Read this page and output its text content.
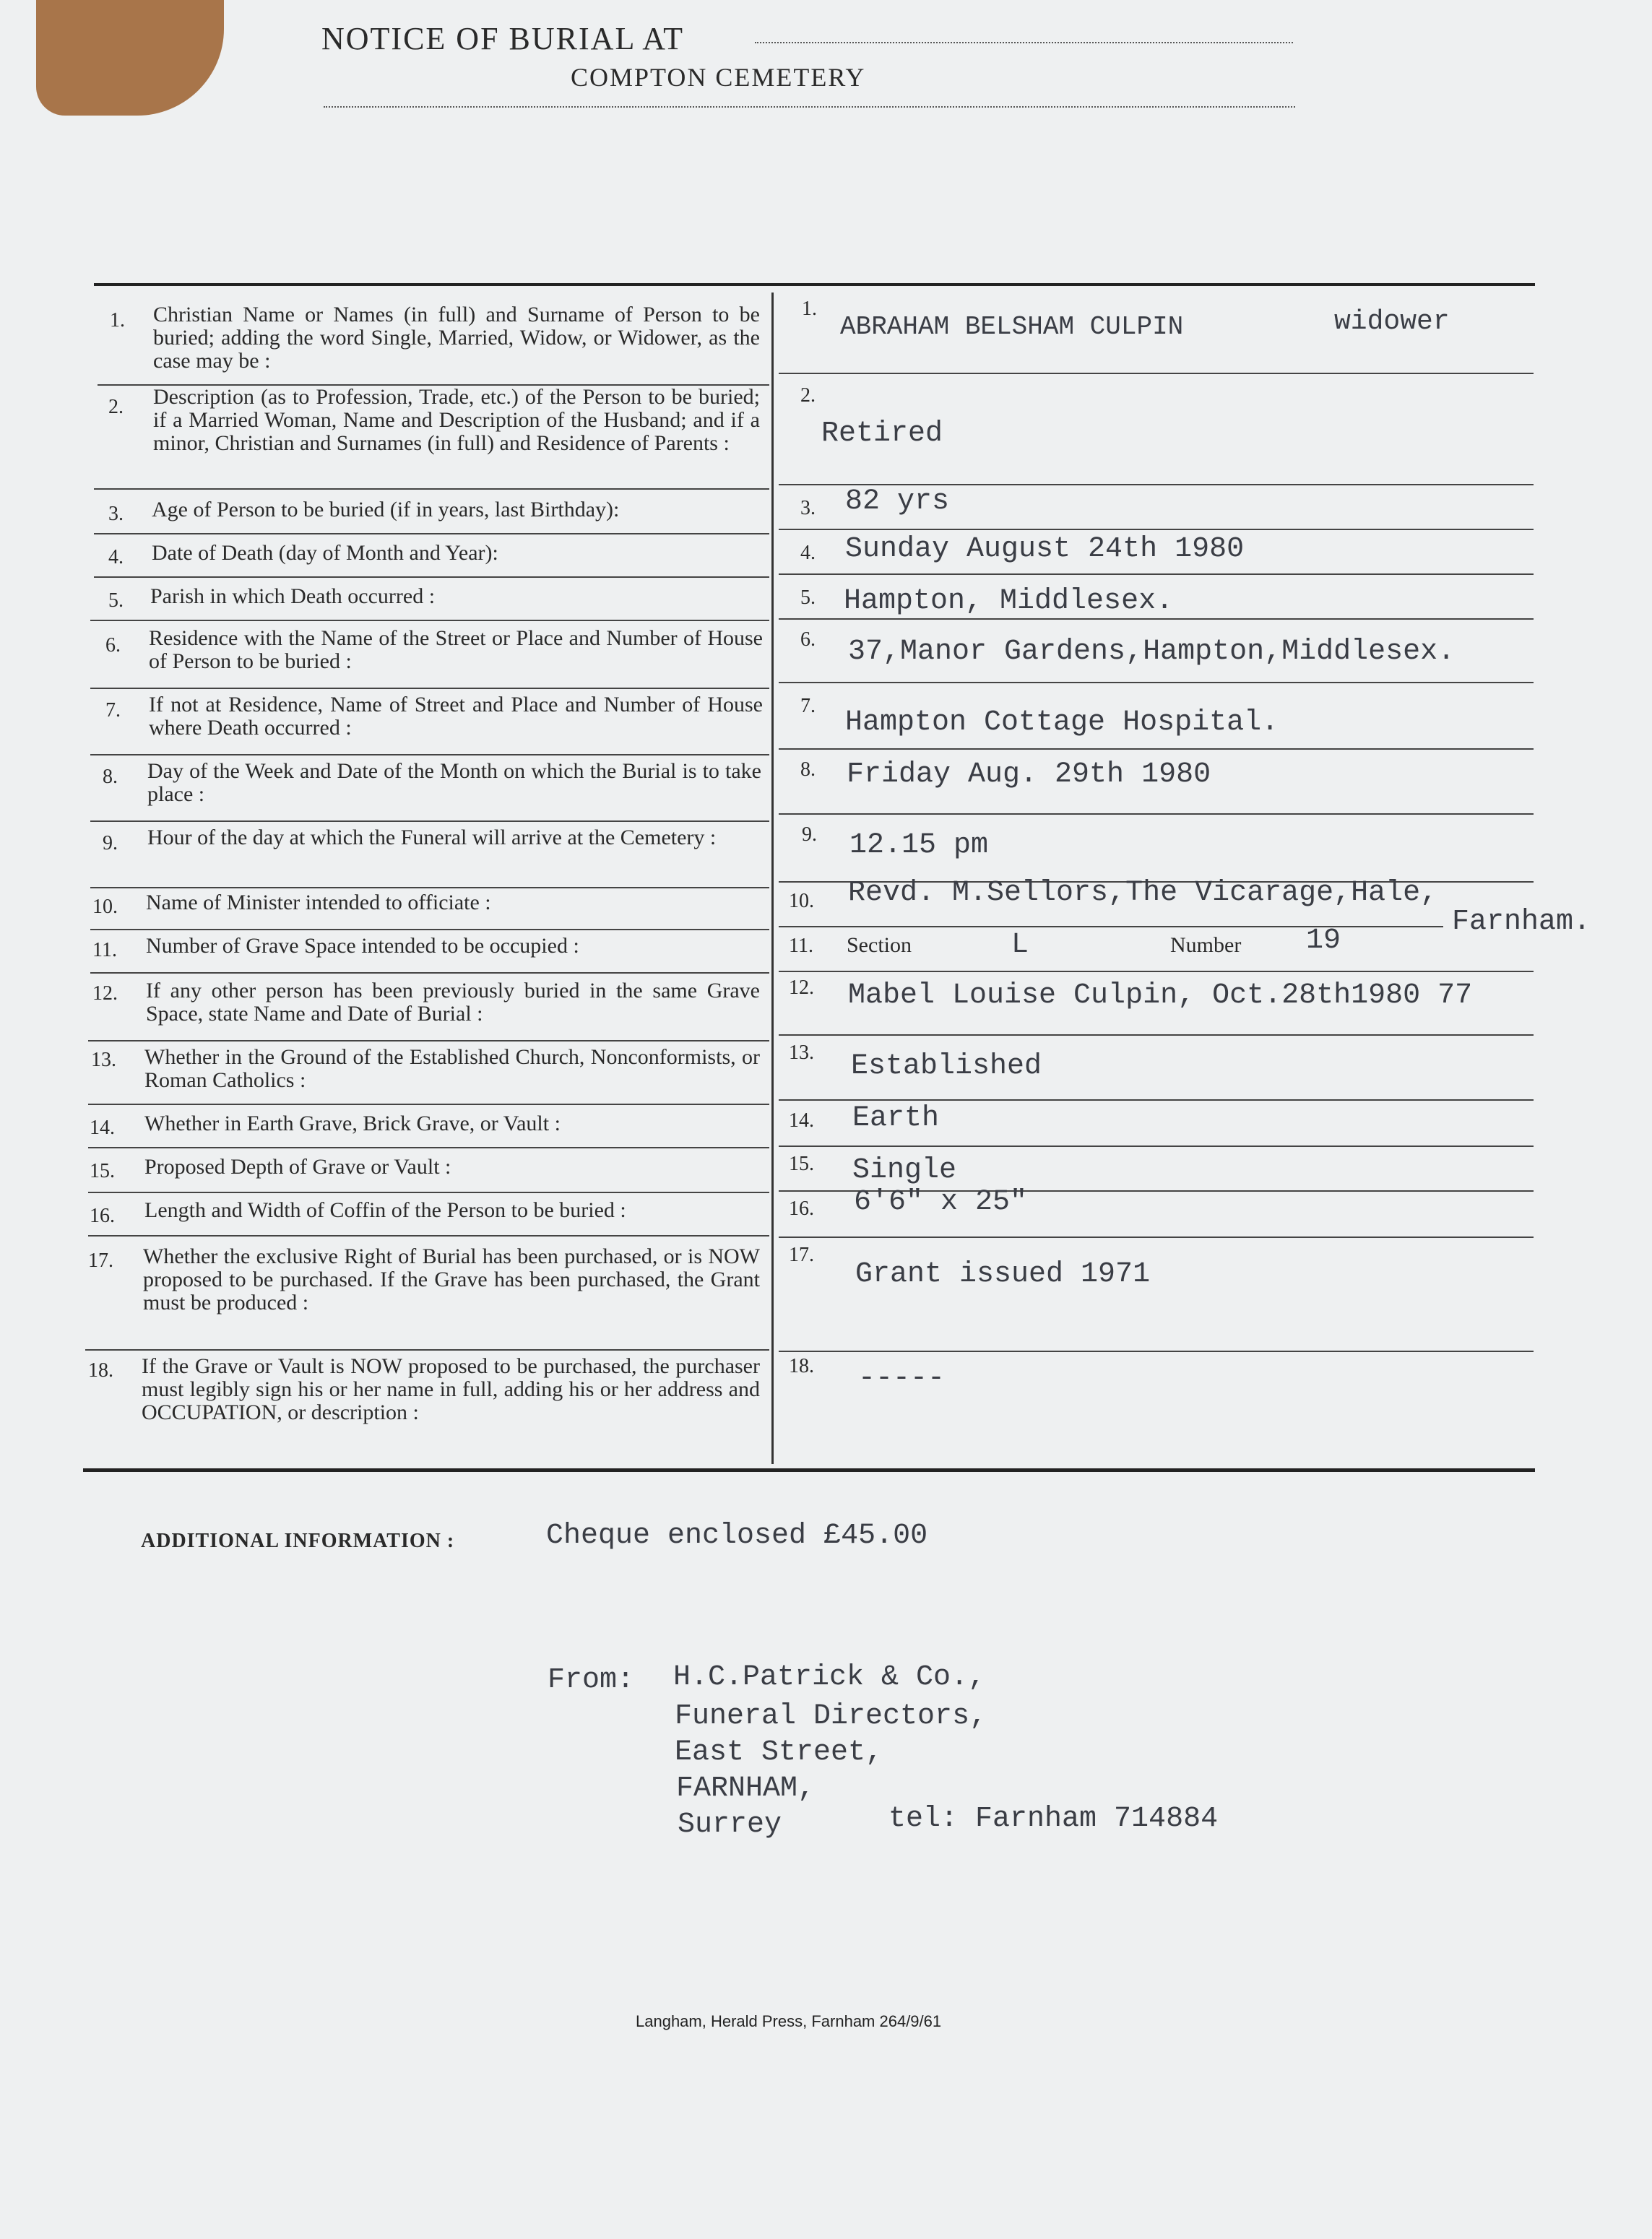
NOTICE OF BURIAL AT
COMPTON CEMETERY
1. Christian Name or Names (in full) and Surname of Person to be buried; adding the word Single, Married, Widow, or Widower, as the case may be :
1.
ABRAHAM BELSHAM CULPIN	widower
2. Description (as to Profession, Trade, etc.) of the Person to be buried; if a Married Woman, Name and Description of the Husband; and if a minor, Christian and Surnames (in full) and Residence of Parents :
2.
Retired
3. Age of Person to be buried (if in years, last Birthday):	3. 82 yrs
4. Date of Death (day of Month and Year):	4. Sunday August 24th 1980
5. Parish in which Death occurred :	5. Hampton, Middlesex.
6. Residence with the Name of the Street or Place and Number of House of Person to be buried :
6. 37,Manor Gardens,Hampton,Middlesex.
7. If not at Residence, Name of Street and Place and Number of House where Death occurred :
7.
Hampton Cottage Hospital.
8. Day of the Week and Date of the Month on which the Burial is to take place :
8. Friday Aug. 29th 1980
9. Hour of the day at which the Funeral will arrive at the Cemetery :	9. 12.15 pm
10. Name of Minister intended to officiate :	10. Revd. M.Sellors,The Vicarage,Hale,
Farnham.
11. Number of Grave Space intended to be occupied :	11. Section	L	Number 19
12. If any other person has been previously buried in the same Grave Space, state Name and Date of Burial :
12. Mabel Louise Culpin, Oct.28th1980 77
13. Whether in the Ground of the Established Church, Nonconformists, or Roman Catholics :
13. Established
14. Whether in Earth Grave, Brick Grave, or Vault :	14. Earth
15. Proposed Depth of Grave or Vault :	15. Single
16. Length and Width of Coffin of the Person to be buried :	16. 6'6" x 25"
17. Whether the exclusive Right of Burial has been purchased, or is NOW proposed to be purchased. If the Grave has been purchased, the Grant must be produced :
17.
Grant issued 1971
18. If the Grave or Vault is NOW proposed to be purchased, the purchaser must legibly sign his or her name in full, adding his or her address and OCCUPATION, or description :
18. -----
ADDITIONAL INFORMATION :	Cheque enclosed £45.00
From: H.C.Patrick & Co.,
Funeral Directors,
East Street,
FARNHAM,
Surrey	tel: Farnham 714884
Langham, Herald Press, Farnham 264/9/61
